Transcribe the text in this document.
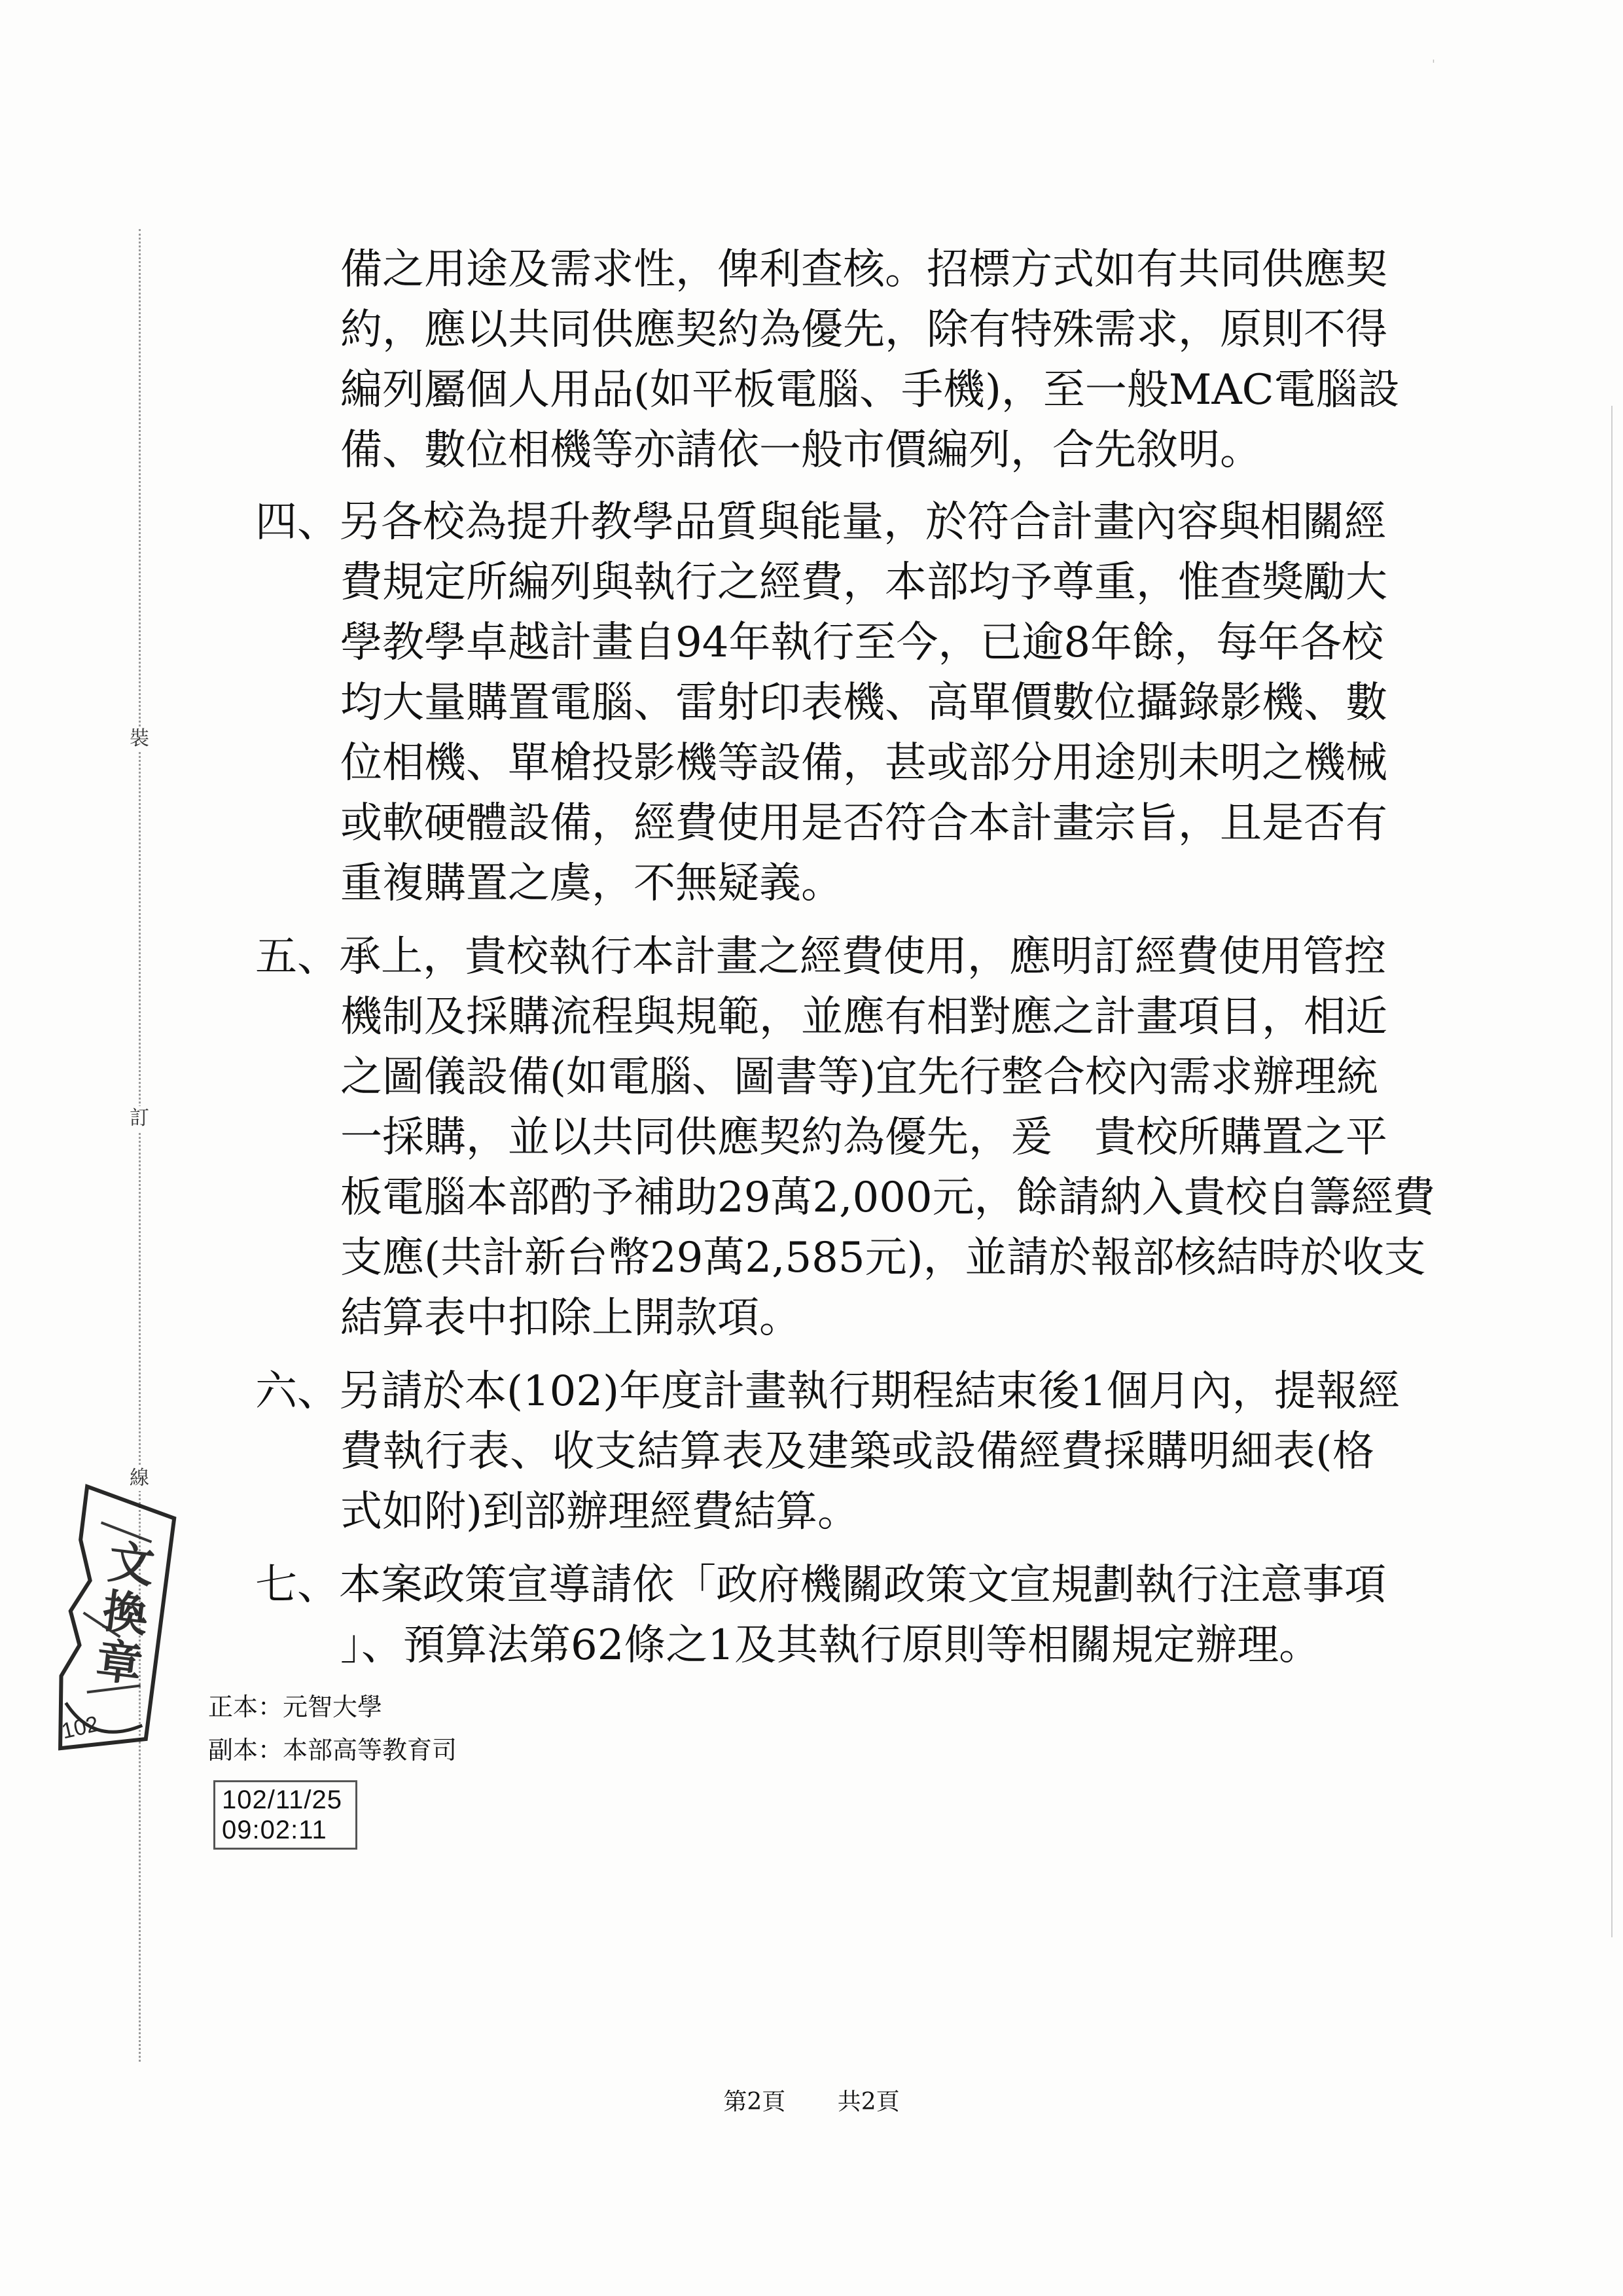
裝
訂
線
'
文換章
102
備之用途及需求性，俾利查核。招標方式如有共同供應契
約，應以共同供應契約為優先，除有特殊需求，原則不得
編列屬個人用品(如平板電腦、手機)，至一般MAC電腦設
備、數位相機等亦請依一般市價編列，合先敘明。
四、另各校為提升教學品質與能量，於符合計畫內容與相關經
費規定所編列與執行之經費，本部均予尊重，惟查獎勵大
學教學卓越計畫自94年執行至今，已逾8年餘，每年各校
均大量購置電腦、雷射印表機、高單價數位攝錄影機、數
位相機、單槍投影機等設備，甚或部分用途別未明之機械
或軟硬體設備，經費使用是否符合本計畫宗旨，且是否有
重複購置之虞，不無疑義。
五、承上，貴校執行本計畫之經費使用，應明訂經費使用管控
機制及採購流程與規範，並應有相對應之計畫項目，相近
之圖儀設備(如電腦、圖書等)宜先行整合校內需求辦理統
一採購，並以共同供應契約為優先，爰　貴校所購置之平
板電腦本部酌予補助29萬2,000元，餘請納入貴校自籌經費
支應(共計新台幣29萬2,585元)，並請於報部核結時於收支
結算表中扣除上開款項。
六、另請於本(102)年度計畫執行期程結束後1個月內，提報經
費執行表、收支結算表及建築或設備經費採購明細表(格
式如附)到部辦理經費結算。
七、本案政策宣導請依「政府機關政策文宣規劃執行注意事項
」、預算法第62條之1及其執行原則等相關規定辦理。
正本：元智大學
副本：本部高等教育司
102/11/25
09:02:11
第2頁 共2頁
